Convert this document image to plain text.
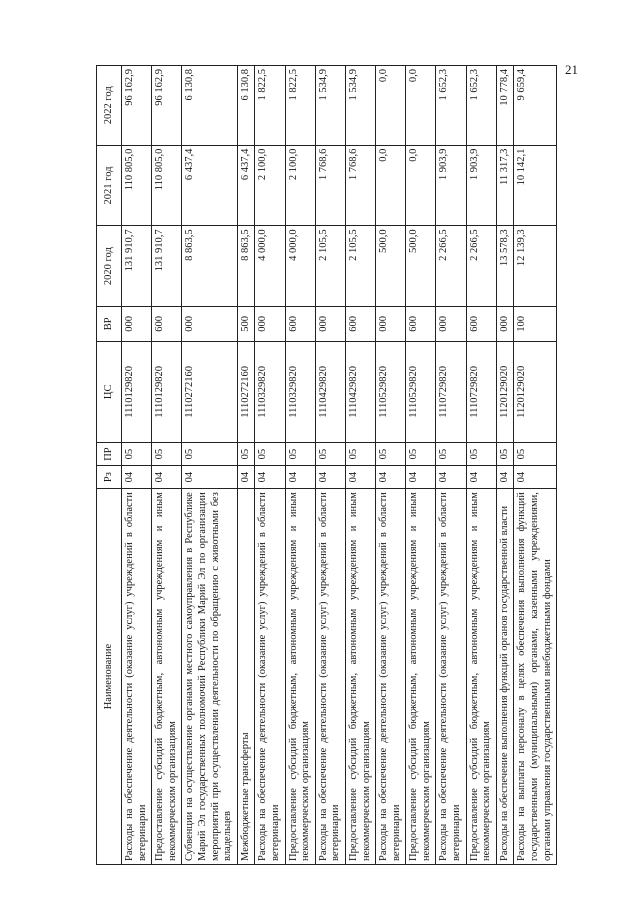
21
Наименование	Рз	ПР	ЦС	ВР	2020 год	2021 год	2022 год
Расходы на обеспечение деятельности (оказание услуг) учреждений в области ветеринарии	04	05	1110129820	000	131 910,7	110 805,0	96 162,9
Предоставление субсидий бюджетным, автономным учреждениям и иным некоммерческим организациям	04	05	1110129820	600	131 910,7	110 805,0	96 162,9
Субвенции на осуществление органами местного самоуправления в Республике Марий Эл государственных полномочий Республики Марий Эл по организации мероприятий при осуществлении деятельности по обращению с животными без владельцев	04	05	1110272160	000	8 863,5	6 437,4	6 130,8
Межбюджетные трансферты	04	05	1110272160	500	8 863,5	6 437,4	6 130,8
Расходы на обеспечение деятельности (оказание услуг) учреждений в области ветеринарии	04	05	1110329820	000	4 000,0	2 100,0	1 822,5
Предоставление субсидий бюджетным, автономным учреждениям и иным некоммерческим организациям	04	05	1110329820	600	4 000,0	2 100,0	1 822,5
Расходы на обеспечение деятельности (оказание услуг) учреждений в области ветеринарии	04	05	1110429820	000	2 105,5	1 768,6	1 534,9
Предоставление субсидий бюджетным, автономным учреждениям и иным некоммерческим организациям	04	05	1110429820	600	2 105,5	1 768,6	1 534,9
Расходы на обеспечение деятельности (оказание услуг) учреждений в области ветеринарии	04	05	1110529820	000	500,0	0,0	0,0
Предоставление субсидий бюджетным, автономным учреждениям и иным некоммерческим организациям	04	05	1110529820	600	500,0	0,0	0,0
Расходы на обеспечение деятельности (оказание услуг) учреждений в области ветеринарии	04	05	1110729820	000	2 266,5	1 903,9	1 652,3
Предоставление субсидий бюджетным, автономным учреждениям и иным некоммерческим организациям	04	05	1110729820	600	2 266,5	1 903,9	1 652,3
Расходы на обеспечение выполнения функций органов государственной власти	04	05	1120129020	000	13 578,3	11 317,3	10 778,4
Расходы на выплаты персоналу в целях обеспечения выполнения функций государственными (муниципальными) органами, казенными учреждениями, органами управления государственными внебюджетными фондами	04	05	1120129020	100	12 139,3	10 142,1	9 659,4
